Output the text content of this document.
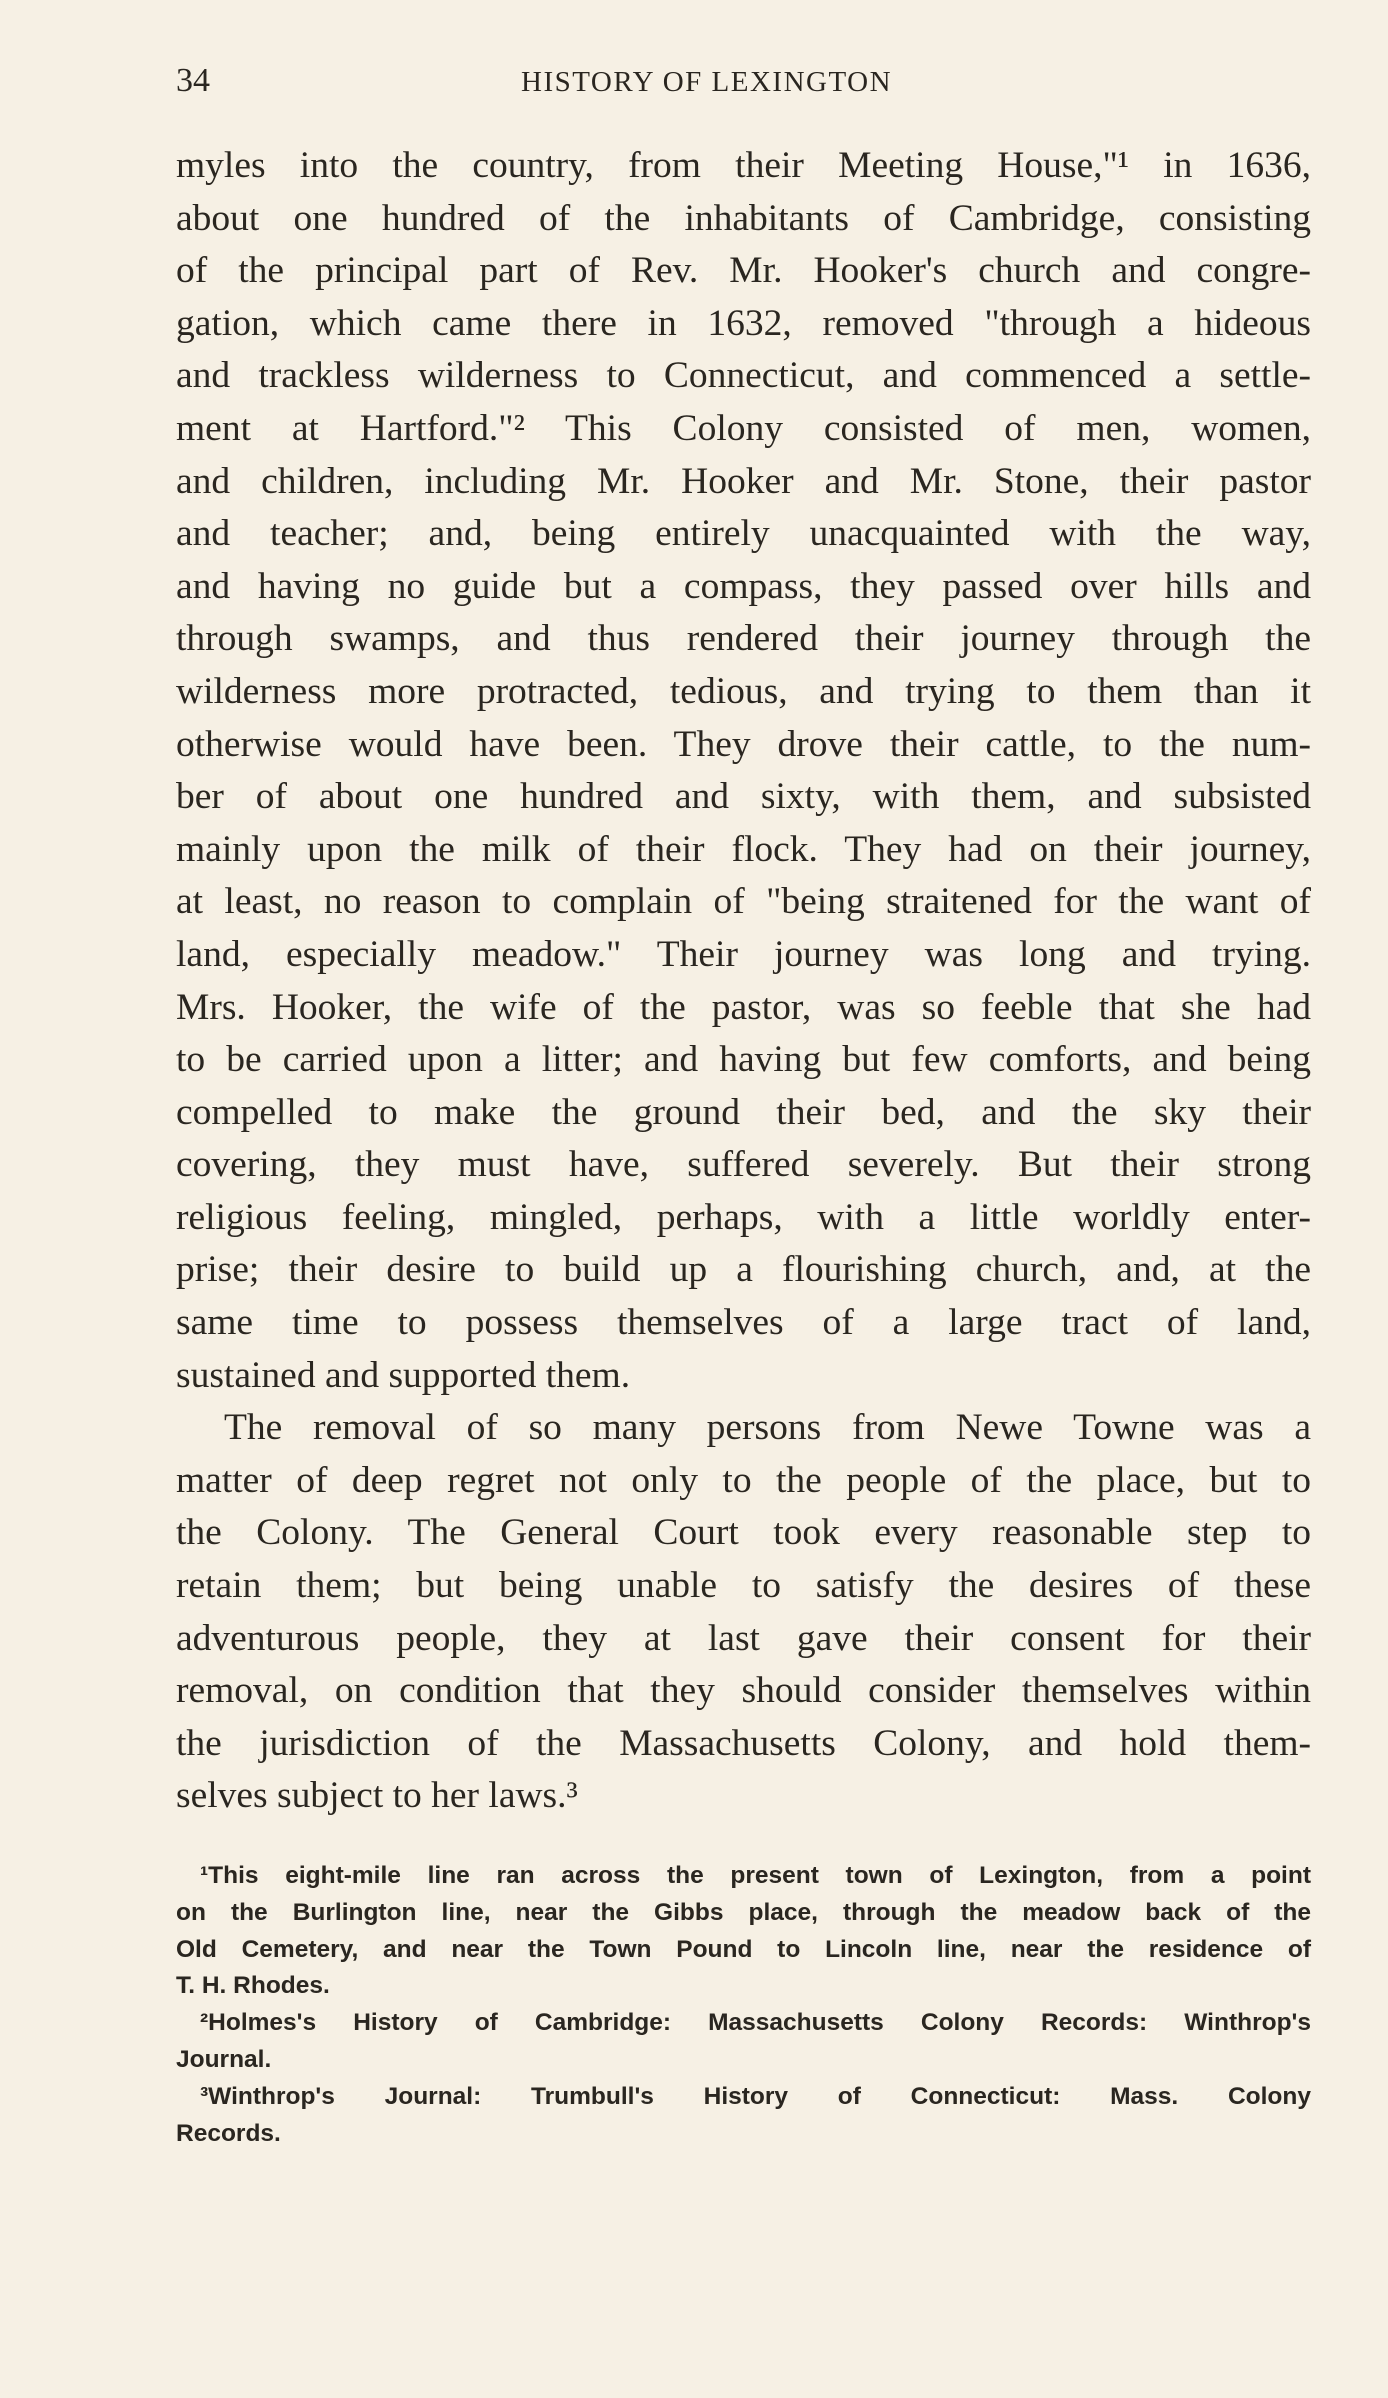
34	HISTORY OF LEXINGTON
myles into the country, from their Meeting House,"¹ in 1636,
about one hundred of the inhabitants of Cambridge, consisting
of the principal part of Rev. Mr. Hooker's church and congre-
gation, which came there in 1632, removed "through a hideous
and trackless wilderness to Connecticut, and commenced a settle-
ment at Hartford."² This Colony consisted of men, women,
and children, including Mr. Hooker and Mr. Stone, their pastor
and teacher; and, being entirely unacquainted with the way,
and having no guide but a compass, they passed over hills and
through swamps, and thus rendered their journey through the
wilderness more protracted, tedious, and trying to them than it
otherwise would have been. They drove their cattle, to the num-
ber of about one hundred and sixty, with them, and subsisted
mainly upon the milk of their flock. They had on their journey,
at least, no reason to complain of "being straitened for the want of
land, especially meadow." Their journey was long and trying.
Mrs. Hooker, the wife of the pastor, was so feeble that she had
to be carried upon a litter; and having but few comforts, and being
compelled to make the ground their bed, and the sky their
covering, they must have, suffered severely. But their strong
religious feeling, mingled, perhaps, with a little worldly enter-
prise; their desire to build up a flourishing church, and, at the
same time to possess themselves of a large tract of land,
sustained and supported them.
The removal of so many persons from Newe Towne was a
matter of deep regret not only to the people of the place, but to
the Colony. The General Court took every reasonable step to
retain them; but being unable to satisfy the desires of these
adventurous people, they at last gave their consent for their
removal, on condition that they should consider themselves within
the jurisdiction of the Massachusetts Colony, and hold them-
selves subject to her laws.³
¹This eight-mile line ran across the present town of Lexington, from a point
on the Burlington line, near the Gibbs place, through the meadow back of the
Old Cemetery, and near the Town Pound to Lincoln line, near the residence of
T. H. Rhodes.
²Holmes's History of Cambridge: Massachusetts Colony Records: Winthrop's
Journal.
³Winthrop's Journal: Trumbull's History of Connecticut: Mass. Colony
Records.
